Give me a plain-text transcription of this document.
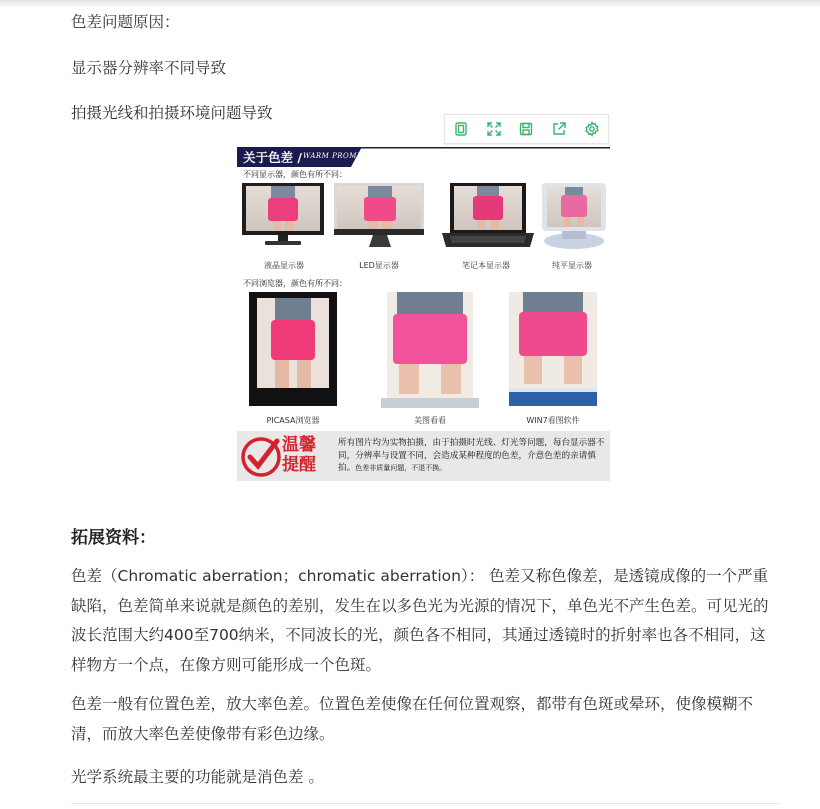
色差问题原因：

显示器分辨率不同导致

拍摄光线和拍摄环境问题导致

关于色差 / WARM PROMPT
不同显示器，颜色有所不同：
液晶显示器	LED显示器	笔记本显示器	纯平显示器
不同浏览器，颜色有所不同：
PICASA浏览器	美图看看	WIN7看图软件
温馨
提醒
所有图片均为实物拍摄，由于拍摄时光线、灯光等问题，每台显示器不同，分辨率与设置不同，会造成某种程度的色差，介意色差的亲请慎拍。色差非质量问题，不退不换。
拓展资料：

色差（Chromatic aberration；chromatic aberration）： 色差又称色像差，是透镜成像的一个严重缺陷，色差简单来说就是颜色的差别，发生在以多色光为光源的情况下，单色光不产生色差。可见光的波长范围大约400至700纳米，不同波长的光，颜色各不相同，其通过透镜时的折射率也各不相同，这样物方一个点，在像方则可能形成一个色斑。

色差一般有位置色差，放大率色差。位置色差使像在任何位置观察，都带有色斑或晕环，使像模糊不清，而放大率色差使像带有彩色边缘。

光学系统最主要的功能就是消色差 。
